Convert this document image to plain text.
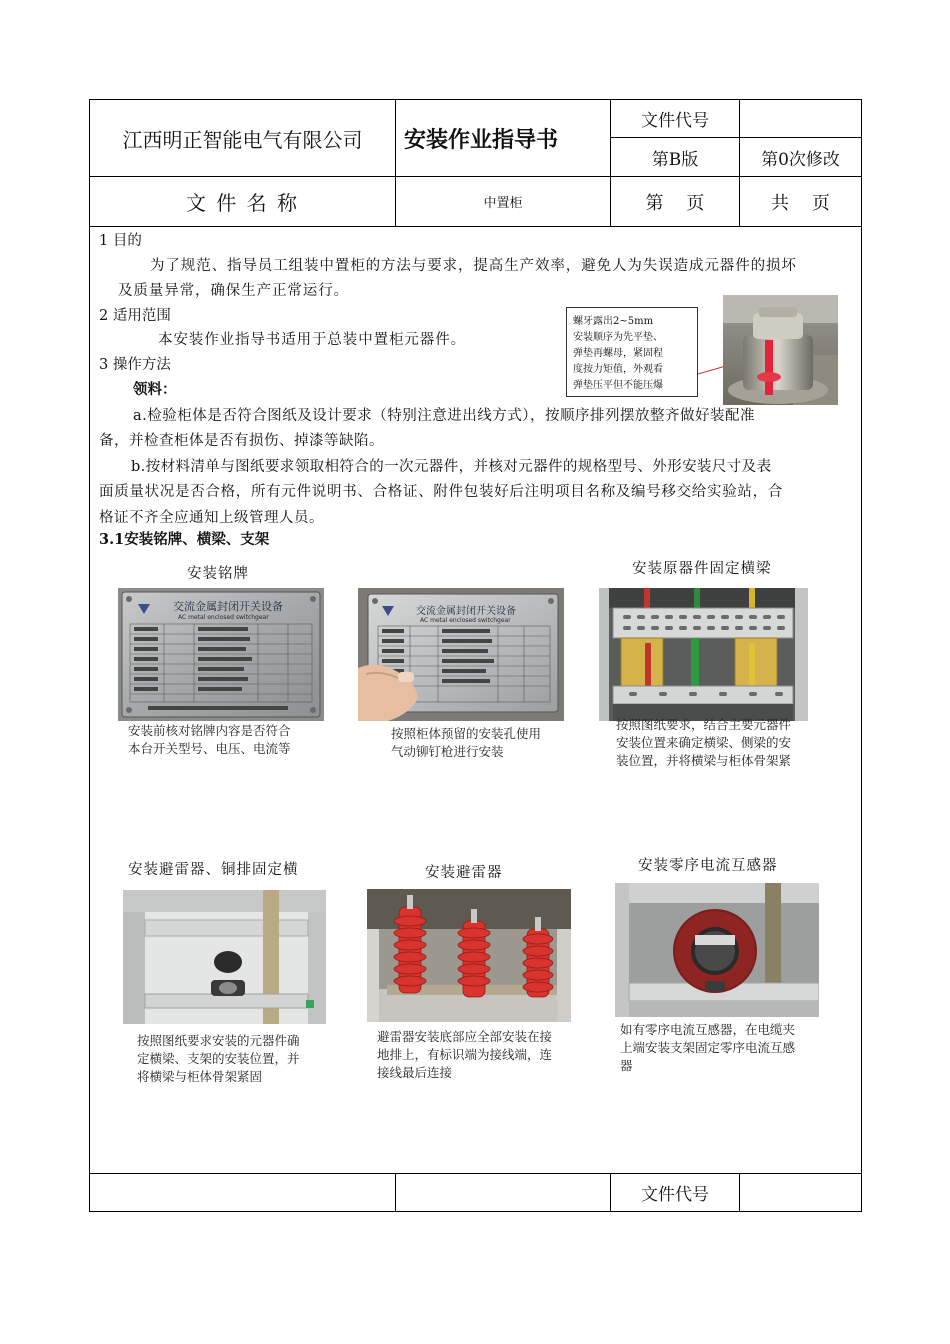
江西明正智能电气有限公司	安装作业指导书
文件代号
第B版	第0次修改
文 件 名 称	中置柜	第    页	共    页
1 目的
为了规范、指导员工组装中置柜的方法与要求，提高生产效率，避免人为失误造成元器件的损坏
及质量异常，确保生产正常运行。
2 适用范围
本安装作业指导书适用于总装中置柜元器件。
3 操作方法
领料：
a.检验柜体是否符合图纸及设计要求（特别注意进出线方式），按顺序排列摆放整齐做好装配准
备，并检查柜体是否有损伤、掉漆等缺陷。
b.按材料清单与图纸要求领取相符合的一次元器件，并核对元器件的规格型号、外形安装尺寸及表
面质量状况是否合格，所有元件说明书、合格证、附件包装好后注明项目名称及编号移交给实验站，合
格证不齐全应通知上级管理人员。
3.1安装铭牌、横梁、支架
螺牙露出2~5mm
安装顺序为先平垫、
弹垫再螺母，紧固程
度按力矩值，外观看
弹垫压平但不能压爆
安装铭牌
交流金属封闭开关设备
AC metal enclosed switchgear
安装前核对铭牌内容是否符合
本台开关型号、电压、电流等
交流金属封闭开关设备
AC metal enclosed switchgear
按照柜体预留的安装孔使用
气动铆钉枪进行安装
安装原器件固定横梁
按照图纸要求，结合主要元器件
安装位置来确定横梁、侧梁的安
装位置，并将横梁与柜体骨架紧
安装避雷器、铜排固定横
按照图纸要求安装的元器件确
定横梁、支架的安装位置，并
将横梁与柜体骨架紧固
安装避雷器
避雷器安装底部应全部安装在接
地排上，有标识端为接线端，连
接线最后连接
安装零序电流互感器
如有零序电流互感器，在电缆夹
上端安装支架固定零序电流互感
器
文件代号
